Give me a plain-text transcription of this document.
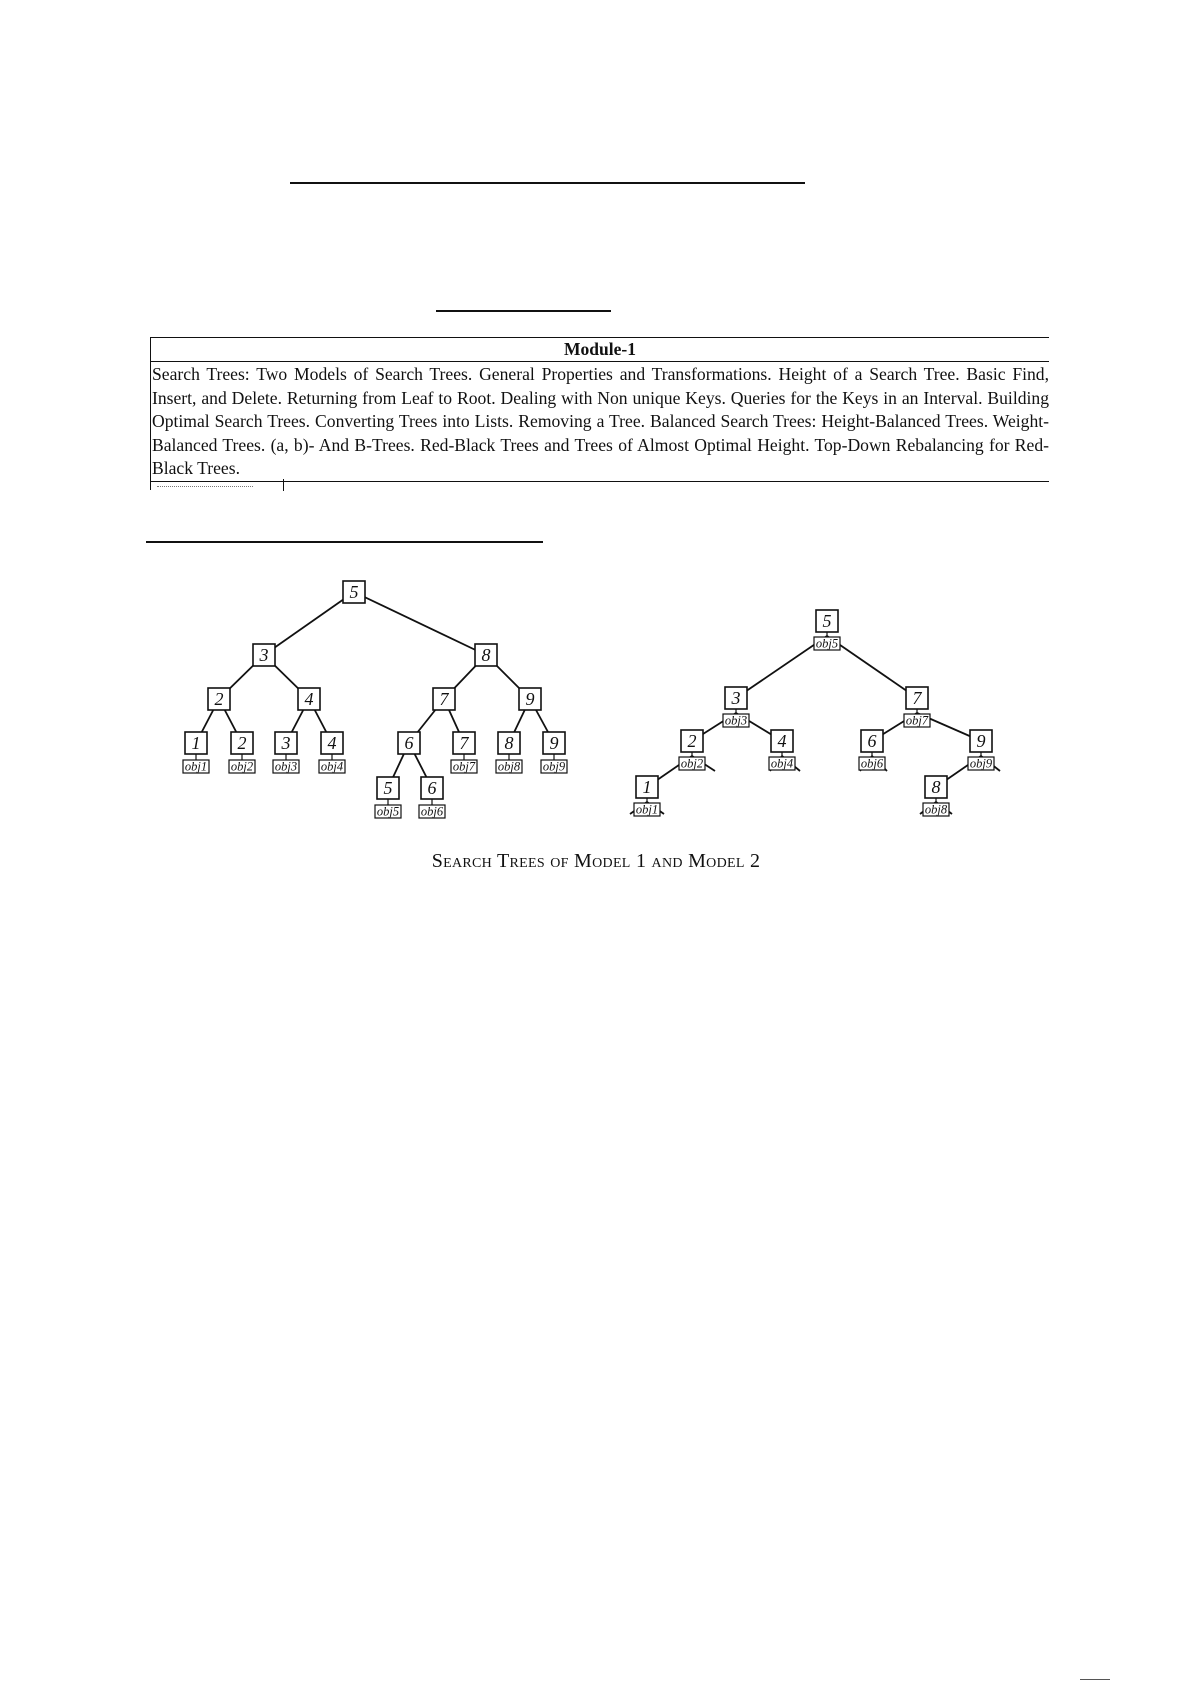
Module-1
Search Trees: Two Models of Search Trees. General Properties and Transformations. Height of a Search Tree. Basic Find, Insert, and Delete. Returning from Leaf to Root. Dealing with Non unique Keys. Queries for the Keys in an Interval. Building Optimal Search Trees. Converting Trees into Lists. Removing a Tree. Balanced Search Trees: Height-Balanced Trees. Weight-Balanced Trees. (a, b)- And B-Trees. Red-Black Trees and Trees of Almost Optimal Height. Top-Down Rebalancing for Red-Black Trees.
obj1 obj2 obj3 obj4	obj7 obj8 obj9
obj5 obj6
5
3	8
2	4	7	9
1 2 3 4	6	7 8 9
5 6
obj5
5
obj3
3
obj7
7
obj2
2
obj4
4
obj6
6
obj9
9
obj1
1
obj8
8
Search Trees of Model 1 and Model 2
